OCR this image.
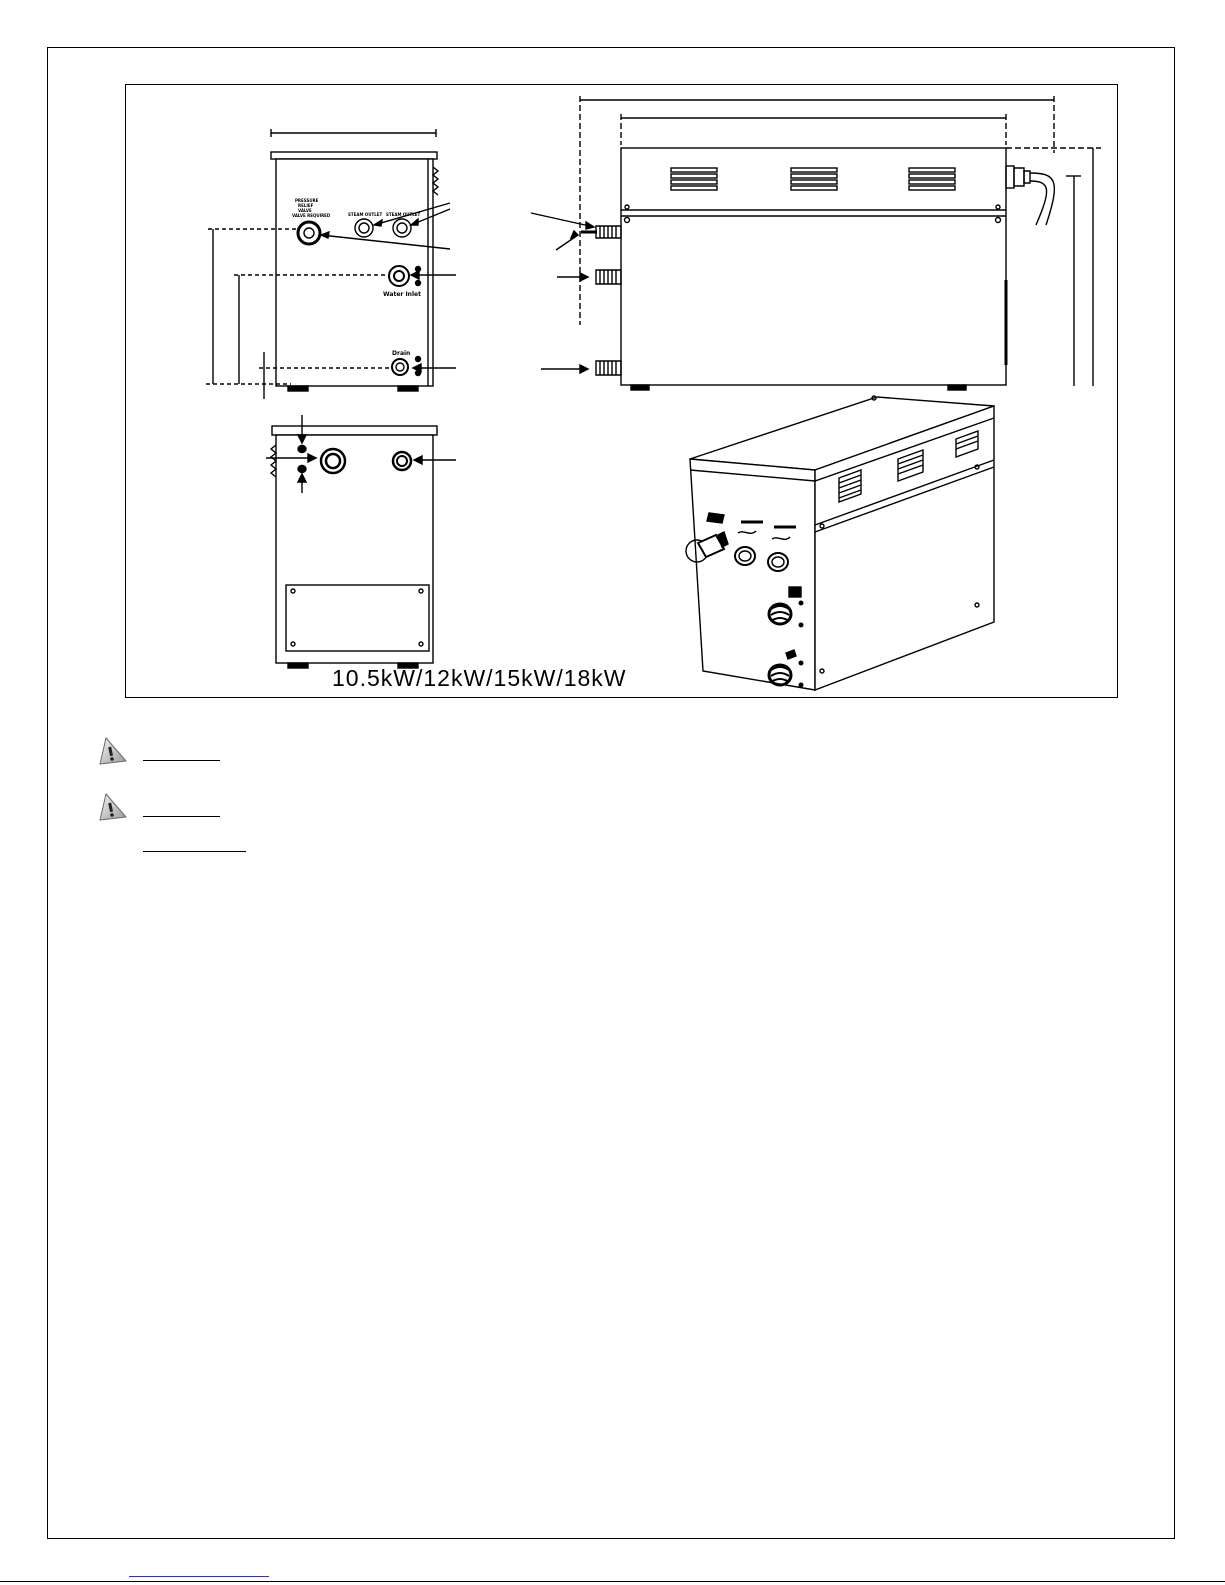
PRESSURE
RELIEF
VALVE
VALVE REQUIRED	STEAM OUTLET STEAM OUTLET
Water Inlet
Drain
10.5kW/12kW/15kW/18kW
